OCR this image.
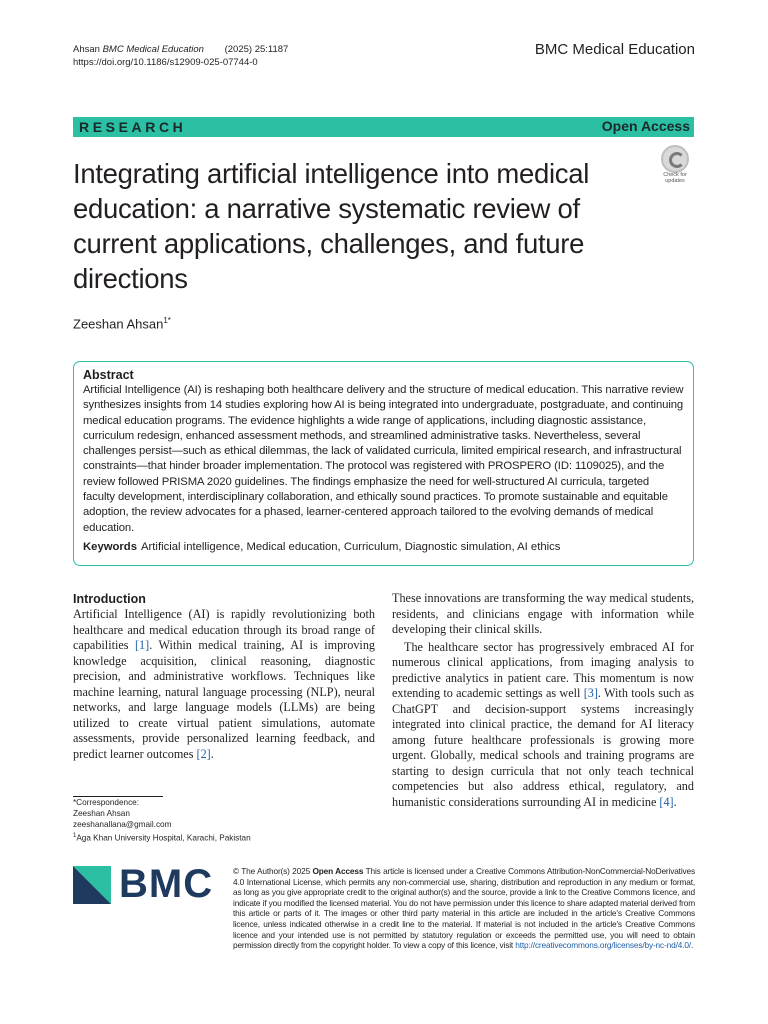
Ahsan BMC Medical Education (2025) 25:1187
https://doi.org/10.1186/s12909-025-07744-0
BMC Medical Education
RESEARCH	Open Access
Integrating artificial intelligence into medical education: a narrative systematic review of current applications, challenges, and future directions
Check for updates
Zeeshan Ahsan$^{1*}$
Abstract
Artificial Intelligence (AI) is reshaping both healthcare delivery and the structure of medical education. This narrative review synthesizes insights from 14 studies exploring how AI is being integrated into undergraduate, postgraduate, and continuing medical education programs. The evidence highlights a wide range of applications, including diagnostic assistance, curriculum redesign, enhanced assessment methods, and streamlined administrative tasks. Nevertheless, several challenges persist—such as ethical dilemmas, the lack of validated curricula, limited empirical research, and infrastructural constraints—that hinder broader implementation. The protocol was registered with PROSPERO (ID: 1109025), and the review followed PRISMA 2020 guidelines. The findings emphasize the need for well-structured AI curricula, targeted faculty development, interdisciplinary collaboration, and ethically sound practices. To promote sustainable and equitable adoption, the review advocates for a phased, learner-centered approach tailored to the evolving demands of medical education.
Keywords Artificial intelligence, Medical education, Curriculum, Diagnostic simulation, AI ethics
Introduction

Artificial Intelligence (AI) is rapidly revolutionizing both healthcare and medical education through its broad range of capabilities [1]. Within medical training, AI is improving knowledge acquisition, clinical reasoning, diagnostic precision, and administrative workflows. Techniques like machine learning, natural language processing (NLP), neural networks, and large language models (LLMs) are being utilized to create virtual patient simulations, automate assessments, provide personalized learning feedback, and predict learner outcomes [2].

These innovations are transforming the way medical students, residents, and clinicians engage with information while developing their clinical skills.

The healthcare sector has progressively embraced AI for numerous clinical applications, from imaging analysis to predictive analytics in patient care. This momentum is now extending to academic settings as well [3]. With tools such as ChatGPT and decision-support systems increasingly integrated into clinical practice, the demand for AI literacy among future healthcare professionals is growing more urgent. Globally, medical schools and training programs are starting to design curricula that not only teach technical competencies but also address ethical, regulatory, and humanistic considerations surrounding AI in medicine [4].

*Correspondence:
Zeeshan Ahsan
zeeshanallana@gmail.com
$^1$Aga Khan University Hospital, Karachi, Pakistan
BMC © The Author(s) 2025 Open Access This article is licensed under a Creative Commons Attribution-NonCommercial-NoDerivatives 4.0 International License, which permits any non-commercial use, sharing, distribution and reproduction in any medium or format, as long as you give appropriate credit to the original author(s) and the source, provide a link to the Creative Commons licence, and indicate if you modified the licensed material. You do not have permission under this licence to share adapted material derived from this article or parts of it. The images or other third party material in this article are included in the article's Creative Commons licence, unless indicated otherwise in a credit line to the material. If material is not included in the article's Creative Commons licence and your intended use is not permitted by statutory regulation or exceeds the permitted use, you will need to obtain permission directly from the copyright holder. To view a copy of this licence, visit http://creativecommons.org/licenses/by-nc-nd/4.0/.
